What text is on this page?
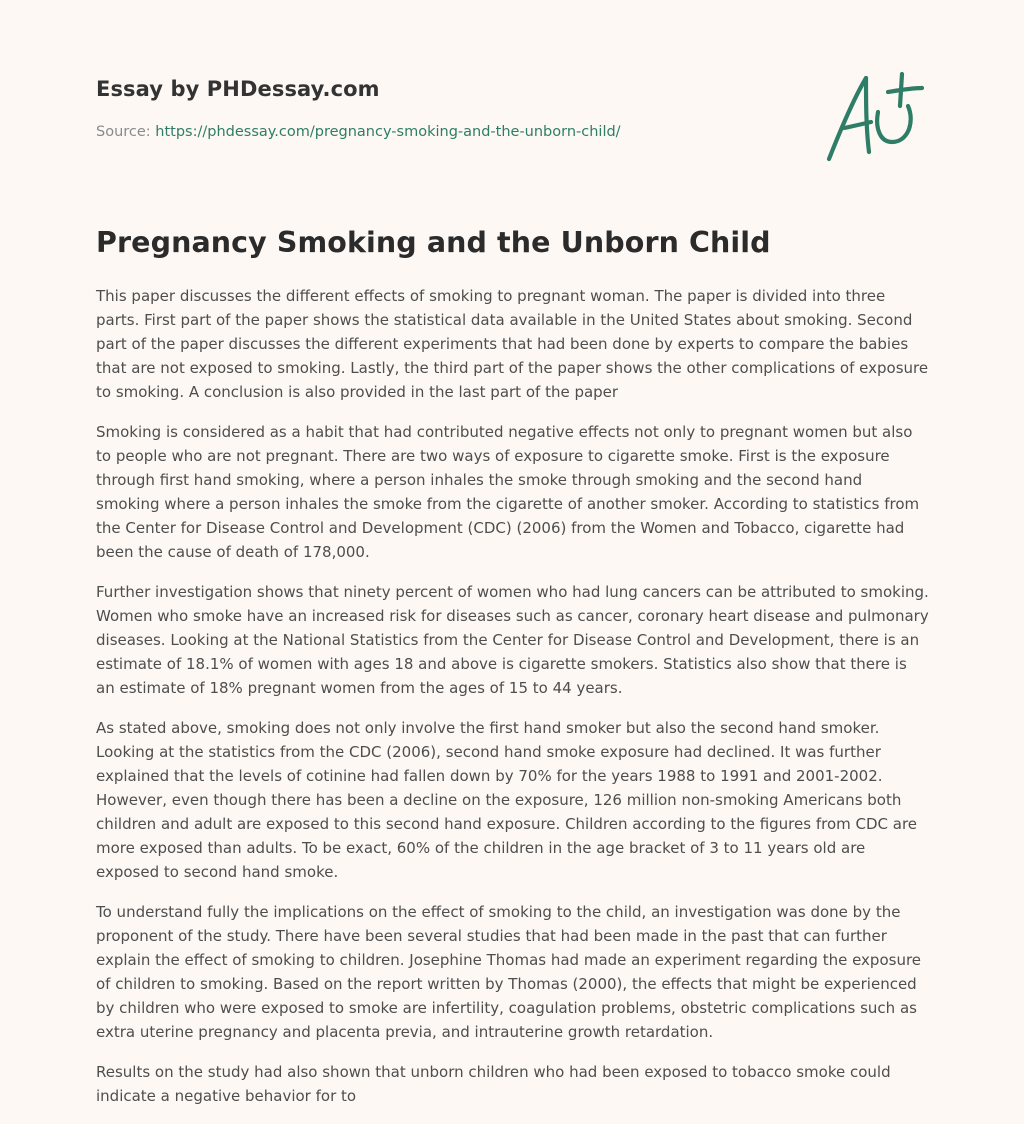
Essay by PHDessay.com
Source: https://phdessay.com/pregnancy-smoking-and-the-unborn-child/
Pregnancy Smoking and the Unborn Child

This paper discusses the different effects of smoking to pregnant woman. The paper is divided into three parts. First part of the paper shows the statistical data available in the United States about smoking. Second part of the paper discusses the different experiments that had been done by experts to compare the babies that are not exposed to smoking. Lastly, the third part of the paper shows the other complications of exposure to smoking. A conclusion is also provided in the last part of the paper

Smoking is considered as a habit that had contributed negative effects not only to pregnant women but also to people who are not pregnant. There are two ways of exposure to cigarette smoke. First is the exposure through first hand smoking, where a person inhales the smoke through smoking and the second hand smoking where a person inhales the smoke from the cigarette of another smoker. According to statistics from the Center for Disease Control and Development (CDC) (2006) from the Women and Tobacco, cigarette had been the cause of death of 178,000.

Further investigation shows that ninety percent of women who had lung cancers can be attributed to smoking. Women who smoke have an increased risk for diseases such as cancer, coronary heart disease and pulmonary diseases. Looking at the National Statistics from the Center for Disease Control and Development, there is an estimate of 18.1% of women with ages 18 and above is cigarette smokers. Statistics also show that there is an estimate of 18% pregnant women from the ages of 15 to 44 years.

As stated above, smoking does not only involve the first hand smoker but also the second hand smoker. Looking at the statistics from the CDC (2006), second hand smoke exposure had declined. It was further explained that the levels of cotinine had fallen down by 70% for the years 1988 to 1991 and 2001-2002. However, even though there has been a decline on the exposure, 126 million non-smoking Americans both children and adult are exposed to this second hand exposure. Children according to the figures from CDC are more exposed than adults. To be exact, 60% of the children in the age bracket of 3 to 11 years old are exposed to second hand smoke.

To understand fully the implications on the effect of smoking to the child, an investigation was done by the proponent of the study. There have been several studies that had been made in the past that can further explain the effect of smoking to children. Josephine Thomas had made an experiment regarding the exposure of children to smoking. Based on the report written by Thomas (2000), the effects that might be experienced by children who were exposed to smoke are infertility, coagulation problems, obstetric complications such as extra uterine pregnancy and placenta previa, and intrauterine growth retardation.

Results on the study had also shown that unborn children who had been exposed to tobacco smoke could indicate a negative behavior for to
